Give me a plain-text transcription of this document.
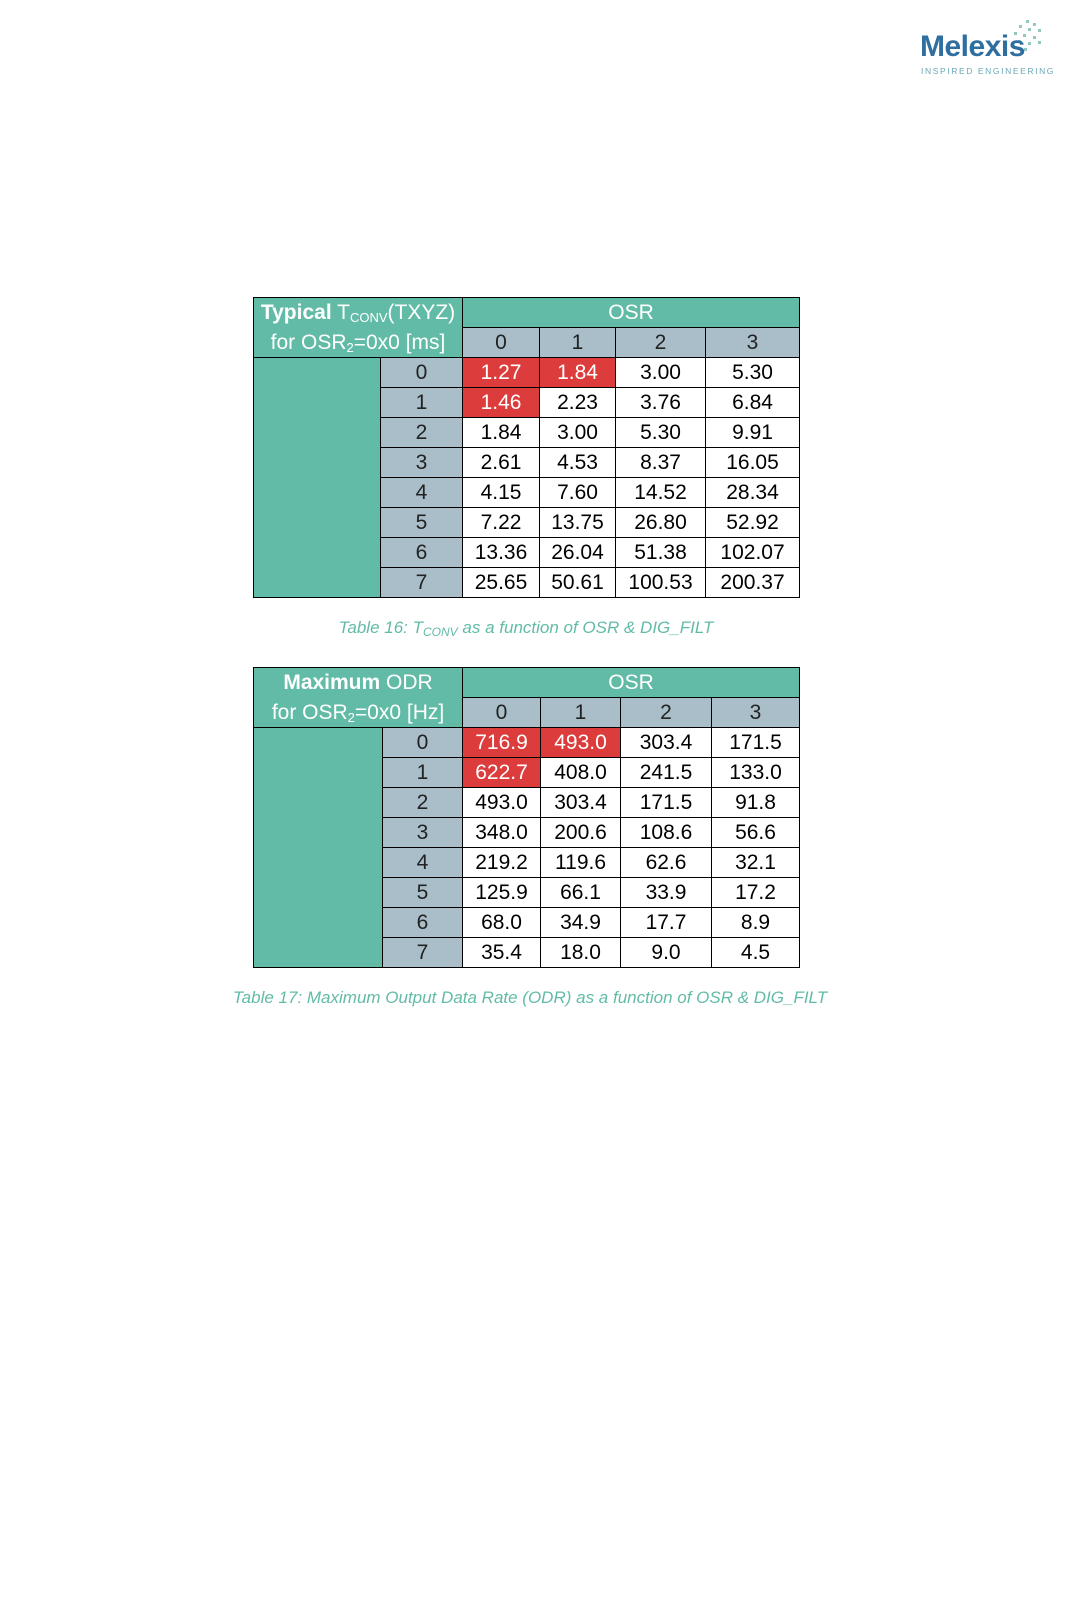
Melexis
INSPIRED ENGINEERING
Typical $T_{CONV}(TXYZ)$		OSR			
for $OSR_2=0x0$ [ms]		0	1	2	3
	0	1.27	1.84	3.00	5.30
	1	1.46	2.23	3.76	6.84
	2	1.84	3.00	5.30	9.91
	3	2.61	4.53	8.37	16.05
	4	4.15	7.60	14.52	28.34
	5	7.22	13.75	26.80	52.92
	6	13.36	26.04	51.38	102.07
	7	25.65	50.61	100.53	200.37
Table 16: TCONV as a function of OSR & DIG_FILT
Maximum ODR		OSR			
for $OSR_2=0x0$ [Hz]		0	1	2	3
	0	716.9	493.0	303.4	171.5
	1	622.7	408.0	241.5	133.0
	2	493.0	303.4	171.5	91.8
	3	348.0	200.6	108.6	56.6
	4	219.2	119.6	62.6	32.1
	5	125.9	66.1	33.9	17.2
	6	68.0	34.9	17.7	8.9
	7	35.4	18.0	9.0	4.5
Table 17: Maximum Output Data Rate (ODR) as a function of OSR & DIG_FILT
